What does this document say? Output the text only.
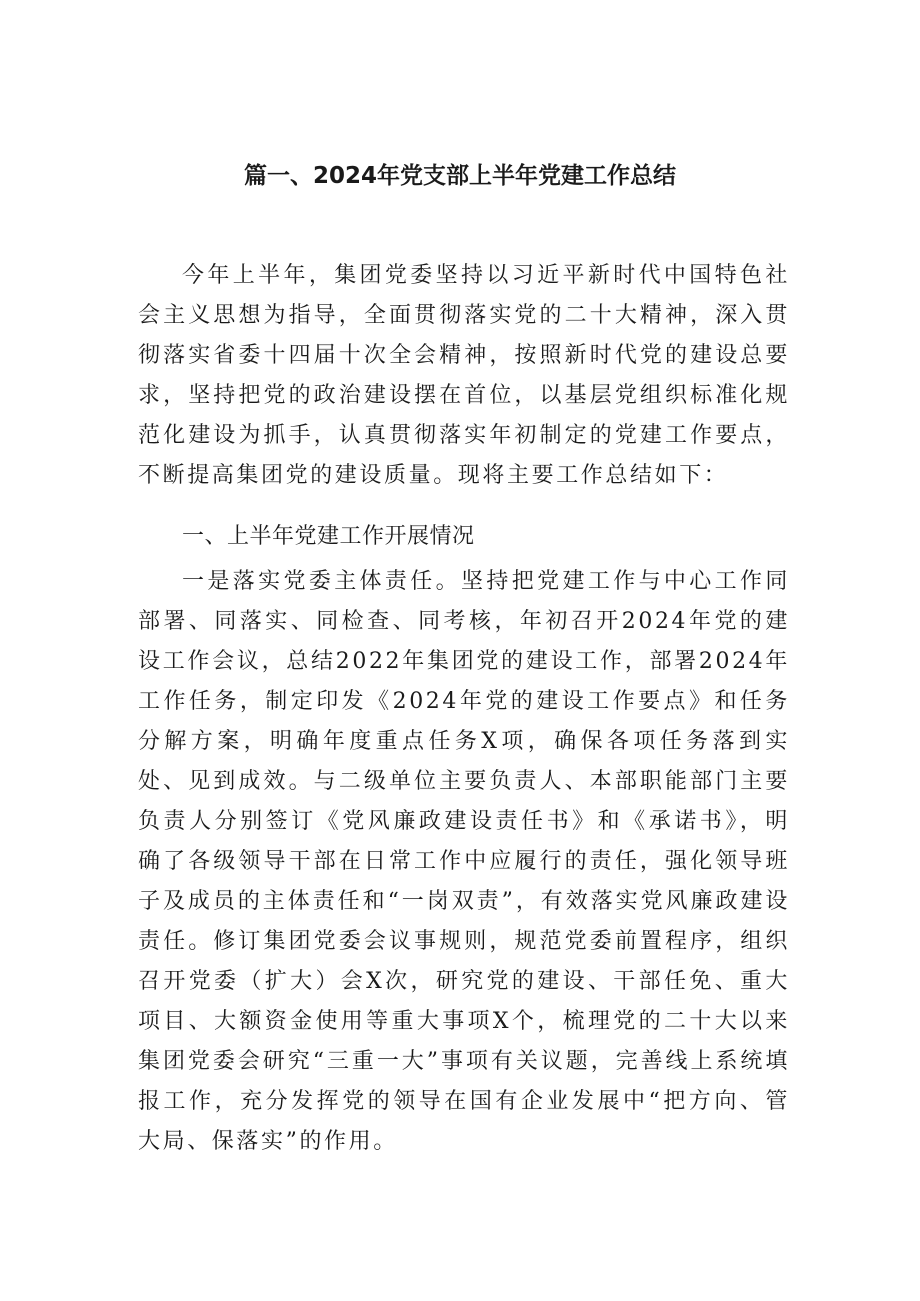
篇一、2024年党支部上半年党建工作总结

今年上半年，集团党委坚持以习近平新时代中国特色社会主义思想为指导，全面贯彻落实党的二十大精神，深入贯彻落实省委十四届十次全会精神，按照新时代党的建设总要求，坚持把党的政治建设摆在首位，以基层党组织标准化规范化建设为抓手，认真贯彻落实年初制定的党建工作要点，不断提高集团党的建设质量。现将主要工作总结如下：

一、上半年党建工作开展情况

一是落实党委主体责任。坚持把党建工作与中心工作同部署、同落实、同检查、同考核，年初召开2024年党的建设工作会议，总结2022年集团党的建设工作，部署2024年工作任务，制定印发《2024年党的建设工作要点》和任务分解方案，明确年度重点任务X项，确保各项任务落到实处、见到成效。与二级单位主要负责人、本部职能部门主要负责人分别签订《党风廉政建设责任书》和《承诺书》，明确了各级领导干部在日常工作中应履行的责任，强化领导班子及成员的主体责任和“一岗双责”，有效落实党风廉政建设责任。修订集团党委会议事规则，规范党委前置程序，组织召开党委（扩大）会X次，研究党的建设、干部任免、重大项目、大额资金使用等重大事项X个，梳理党的二十大以来集团党委会研究“三重一大”事项有关议题，完善线上系统填报工作，充分发挥党的领导在国有企业发展中“把方向、管大局、保落实”的作用。
